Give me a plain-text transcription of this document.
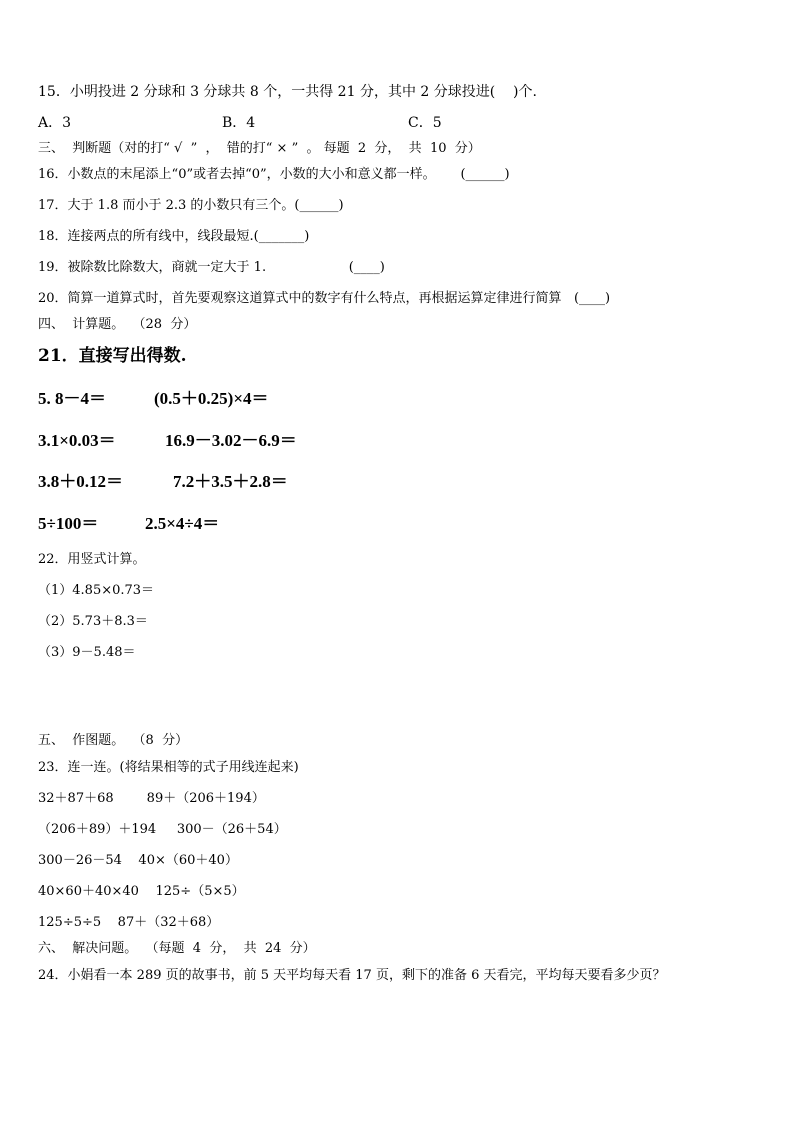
15．小明投进 2 分球和 3 分球共 8 个，一共得 21 分，其中 2 分球投进(    )个.
A．3	B．4	C．5
三、  判断题（对的打“ √  ”  ，  错的打“ × ”  。 每题  2  分，  共  10  分）
16．小数点的末尾添上“0”或者去掉“0”，小数的大小和意义都一样。      (______)
17．大于 1.8 而小于 2.3 的小数只有三个。(______)
18．连接两点的所有线中，线段最短.(_______)
19．被除数比除数大，商就一定大于 1.                    (____)
20．简算一道算式时，首先要观察这道算式中的数字有什么特点，再根据运算定律进行简算   (____)
四、  计算题。  （28  分）
21．直接写出得数.
5. 8－4＝	(0.5＋0.25)×4＝
3.1×0.03＝	16.9－3.02－6.9＝
3.8＋0.12＝	7.2＋3.5＋2.8＝
5÷100＝	2.5×4÷4＝
22．用竖式计算。
（1）4.85×0.73＝
（2）5.73＋8.3＝
（3）9－5.48＝
五、  作图题。  （8  分）
23．连一连。(将结果相等的式子用线连起来)
32＋87＋68        89＋（206＋194）
（206＋89）＋194     300－（26＋54）
300－26－54    40×（60＋40）
40×60＋40×40    125÷（5×5）
125÷5÷5    87＋（32＋68）
六、  解决问题。  （每题  4  分，  共  24  分）
24．小娟看一本 289 页的故事书，前 5 天平均每天看 17 页，剩下的准备 6 天看完，平均每天要看多少页？
